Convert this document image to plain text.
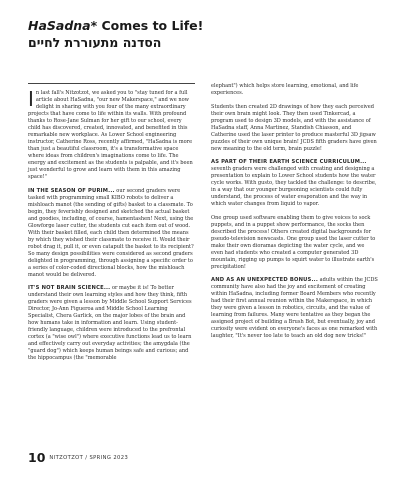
HaSadna* Comes to Life!
הסדנה מתעוררת לחיים

In last fall's Nitzotzot, we asked you to "stay tuned for a full article about HaSadna, "our new Makerspace," and we now delight in sharing with you four of the many extraordinary projects that have come to life within its walls. With profound thanks to Rose-Jane Sulman for her gift to our school, every child has discovered, created, innovated, and benefited in this remarkable new workplace. As Lower School engineering instructor, Catherine Ross, recently affirmed, "HaSadna is more than just a beautiful classroom, it's a transformative space where ideas from children's imaginations come to life. The energy and excitement as the students is palpable, and it's been just wonderful to grow and learn with them in this amazing space!"

IN THE SEASON OF PURIM... our second graders were tasked with programming small KIBO robots to deliver a mishloach manot (the sending of gifts) basket to a classmate. To begin, they feverishly designed and sketched the actual basket and goodies, including, of course, hamentashen! Next, using the Glowforge laser cutter, the students cut each item out of wood. With their basket filled, each child then determined the means by which they wished their classmate to receive it. Would their robot drag it, pull it, or even catapult the basket to its recipient? So many design possibilities were considered as second graders delighted in programming, through assigning a specific order to a series of color-coded directional blocks, how the mishloach manot would be delivered.

IT'S NOT BRAIN SCIENCE... or maybe it is! To better understand their own learning styles and how they think, fifth graders were given a lesson by Middle School Support Services Director, Jo-Ann Figueroa and Middle School Learning Specialist, Chera Garlick, on the major lobes of the brain and how humans take in information and learn. Using student-friendly language, children were introduced to the prefrontal cortex (a "wise owl") where executive functions lead us to learn and effectively carry out everyday activities; the amygdala (the "guard dog") which keeps human beings safe and curious; and the hippocampus (the "memorable

elephant") which helps store learning, emotional, and life experiences.

Students then created 2D drawings of how they each perceived their own brain might look. They then used Tinkercad, a program used to design 3D models, and with the assistance of HaSadna staff, Anna Martinez, Standish Chiasson, and Catherine used the laser printer to produce masterful 3D jigsaw puzzles of their own unique brain! JCDS fifth graders have given new meaning to the old term, brain puzzle!

AS PART OF THEIR EARTH SCIENCE CURRICULUM... seventh graders were challenged with creating and designing a presentation to explain to Lower School students how the water cycle works. With gusto, they tackled the challenge: to describe, in a way that our younger burgeoning scientists could fully understand, the process of water evaporation and the way in which water changes from liquid to vapor.

One group used software enabling them to give voices to sock puppets, and in a puppet show performance, the socks then described the process! Others created digital backgrounds for pseudo-television newscasts. One group used the laser cutter to make their own dioramas depicting the water cycle, and we even had students who created a computer generated 3D mountain, rigging up pumps to squirt water to illustrate earth's precipitation!

AND AS AN UNEXPECTED BONUS... adults within the JCDS community have also had the joy and excitement of creating within HaSadna, including former Board Members who recently had their first annual reunion within the Makerspace, in which they were given a lesson in robotics, circuits, and the value of learning from failures. Many were tentative as they began the assigned project of building a Brush Bot, but eventually, joy and curiosity were evident on everyone's faces as one remarked with laughter, "It's never too late to teach an old dog new tricks!"

10 NITZOTZOT / SPRING 2023
